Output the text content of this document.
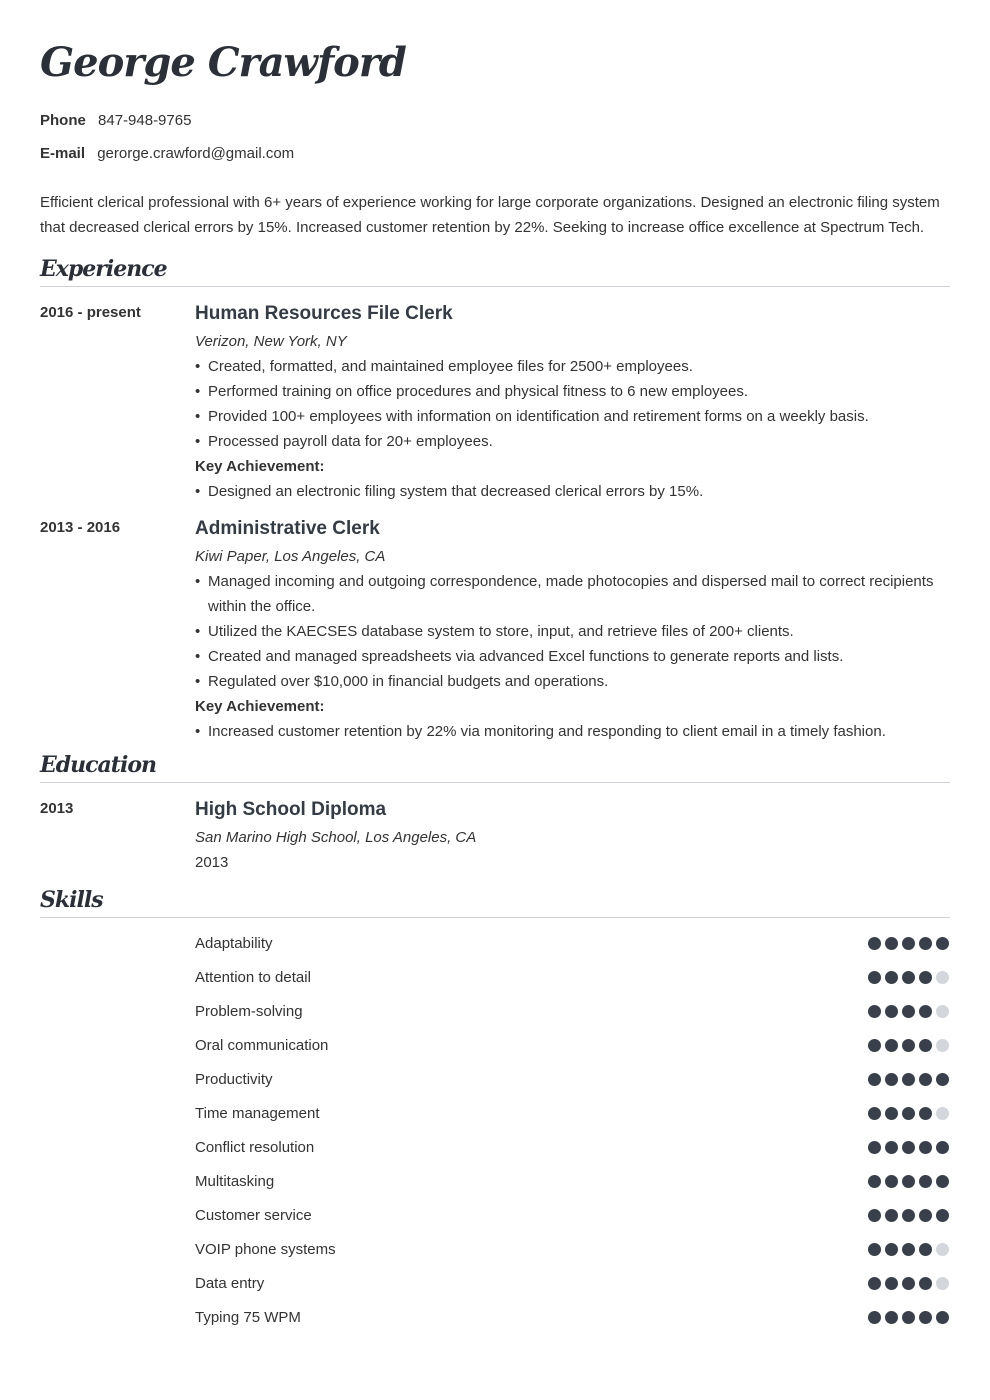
George Crawford
Phone 847-948-9765
E-mail gerorge.crawford@gmail.com
Efficient clerical professional with 6+ years of experience working for large corporate organizations. Designed an electronic filing system that decreased clerical errors by 15%. Increased customer retention by 22%. Seeking to increase office excellence at Spectrum Tech.
Experience
2016 - present	Human Resources File Clerk
Verizon, New York, NY
• Created, formatted, and maintained employee files for 2500+ employees.
• Performed training on office procedures and physical fitness to 6 new employees.
• Provided 100+ employees with information on identification and retirement forms on a weekly basis.
• Processed payroll data for 20+ employees.
Key Achievement:
• Designed an electronic filing system that decreased clerical errors by 15%.
2013 - 2016	Administrative Clerk
Kiwi Paper, Los Angeles, CA
• Managed incoming and outgoing correspondence, made photocopies and dispersed mail to correct recipients within the office.
• Utilized the KAECSES database system to store, input, and retrieve files of 200+ clients.
• Created and managed spreadsheets via advanced Excel functions to generate reports and lists.
• Regulated over $10,000 in financial budgets and operations.
Key Achievement:
• Increased customer retention by 22% via monitoring and responding to client email in a timely fashion.
Education
2013	High School Diploma
San Marino High School, Los Angeles, CA
2013
Skills
Adaptability
Attention to detail
Problem-solving
Oral communication
Productivity
Time management
Conflict resolution
Multitasking
Customer service
VOIP phone systems
Data entry
Typing 75 WPM
